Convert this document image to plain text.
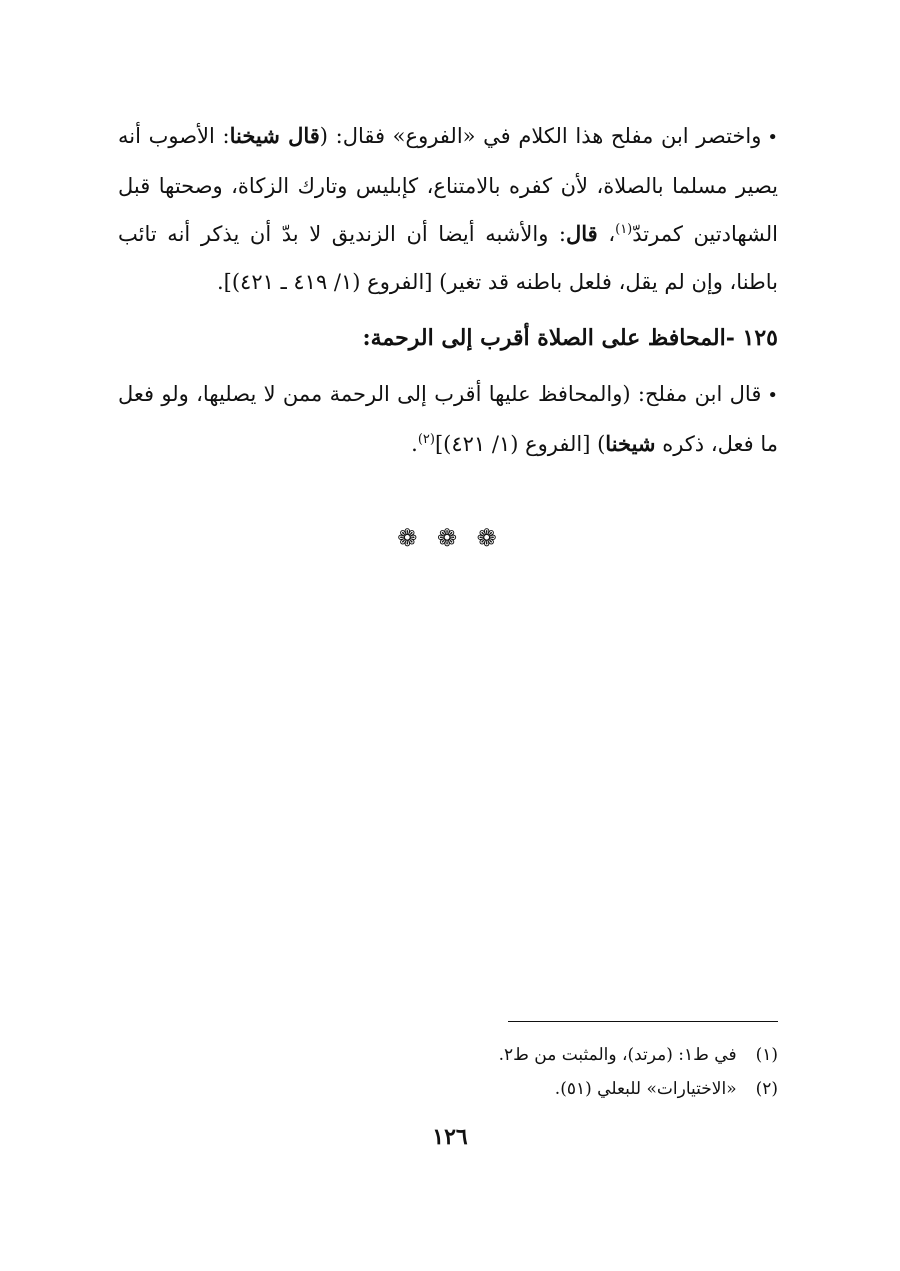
•واختصر ابن مفلح هذا الكلام في «الفروع» فقال: (قال شيخنا: الأصوب أنه يصير مسلما بالصلاة، لأن كفره بالامتناع، كإبليس وتارك الزكاة، وصحتها قبل الشهادتين كمرتدّ$^{(١)}$، قال: والأشبه أيضا أن الزنديق لا بدّ أن يذكر أنه تائب باطنا، وإن لم يقل، فلعل باطنه قد تغير) [الفروع (١/ ٤١٩ ـ ٤٢١)].

١٢٥ -المحافظ على الصلاة أقرب إلى الرحمة:

•قال ابن مفلح: (والمحافظ عليها أقرب إلى الرحمة ممن لا يصليها، ولو فعل ما فعل، ذكره شيخنا) [الفروع (١/ ٤٢١)]$^{(٢)}$.

❁ ❁ ❁
(١) في ط١: (مرتد)، والمثبت من ط٢.
(٢) «الاختيارات» للبعلي (٥١).
١٢٦
